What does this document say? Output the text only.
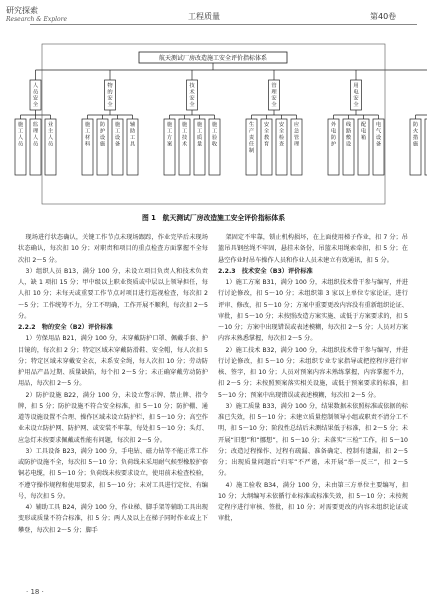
研究探索
Research & Explore	工程质量	第40卷
航天测试厂房改造施工安全评价指标体系
人
员
安
全
施
工
人
员
监
理
人
员
业
主
人
员
物
的
安
全
施
工
材
料
防
护
设
施
施
工
设
备
辅
助
工
具
技
术
安
全
施
工
方
案
施
工
技
术
施
工
质
量
施
工
验
收
管
理
安
全
生
产
责
任
制
安
全
教
育
安
全
检
查
应
急
管
理
用
电
安
全
外
电
防
护
线
路
敷
设
配
电
箱
电
气
设
备
防
火
措
施
图 1　航天测试厂房改造施工安全评价指标体系

现场进行状态确认，关键工作节点未现场跟踪，作业完毕后未现场状态确认，每次扣 10 分；对职责和项目的重点检查方面掌握不全每次扣 2～5 分。

3）组织人员 B13，满分 100 分，未设立项目负责人和技术负责人，缺 1 项扣 15 分；甲中级以上职业资质或中层以上领导担任，每人扣 10 分；未每天或重要工作节点对项目进行巡视检查，每次扣 2～5 分；工作统筹不力，分工不明确，工作开展不顺利，每次扣 2～5 分。

2.2.2　物的安全（B2）评价标准

1）劳保用品 B21，满分 100 分，未穿戴防护口罩、佩戴手套、护目镜的，每次扣 2 分；特定区域未穿戴防滑鞋、安全帽，每人次扣 5 分；特定区域未穿戴安全衣，未系安全绳，每人次扣 10 分；劳动防护用品产品过期、质量缺陷，每个扣 2～5 分；未正确穿戴劳动防护用品，每次扣 2～5 分。

2）防护设施 B22，满分 100 分，未设立警示牌、禁止牌、指令牌，扣 5 分；防护设施不符合安全标准，扣 5～10 分；防护棚、通道等设施设置不合理、操作区域未设立防护栏，扣 5～10 分；高空作业未设立防护网、防护网、或安装不牢靠，每处扣 5～10 分；头灯、应急灯未按要求佩戴或性能有问题，每次扣 2～5 分。

3）工具设备 B23，满分 100 分，手电钻、磁力钻等不能正常工作或防护设施不全，每次扣 5～10 分；负荷线未采用耐气候型橡胶护套铜芯电缆，扣 5～10 分；负荷线未按要求设立，使用前未检查校验，不遵守操作规程和使用要求，扣 5～10 分；未对工具进行定位、有编号，每次扣 5 分。

4）辅助工具 B24，满分 100 分，作业梯、脚手架等辅助工具出现变形或质量不符合标准，扣 5 分；两人及以上在梯子同时作业或上下攀登，每次扣 2～5 分；脚手

架固定不牢靠，锁止机构损坏，在上面使用梯子作业，扣 7 分；吊篮吊具钢丝绳不牢固，悬挂未备份，吊篮未用绳索牵扣，扣 5 分；在悬空作业时吊车操作人员和作业人员未建立有效通讯，扣 5 分。

2.2.3　技术安全（B3）评价标准

1）施工方案 B31，满分 100 分，未组织技术骨干参与编写，并进行讨论修改，扣 5～10 分；未组织第 3 家以上单位专家论证，进行评审、修改，扣 5～10 分；方案中重要更改内容没有重新组织论证、审批，扣 5～10 分；未按照改造方案实施、或低于方案要求的，扣 5～10 分；方案中出现错误或表述模糊，每次扣 2～5 分；人员对方案内容未熟悉掌握，每次扣 2～5 分。

2）施工技术 B32，满分 100 分，未组织技术骨干参与编写，并进行讨论修改，扣 5～10 分；未组织专业专家指导或把控程序进行审核、签字，扣 10 分；人员对预案内容未熟练掌握，内容掌握不力，扣 2～5 分；未按照预案落实相关设施，或低于预案要求的标准，扣 5～10 分；预案中出现错误或表述模糊，每次扣 2～5 分。

3）施工质量 B33，满分 100 分，结果数据未依照标准或依据的标准已失效，扣 5～10 分；未建立质量控制领导小组或职责不清分工不明，扣 5～10 分；阶段性总结后未测结果低于标准，扣 2～5 分；未开展“旧想”和“挪想”，扣 5～10 分；未落实“三检”工作，扣 5～10 分；改造过程操作、过程有疏漏、准备确定、控制有遗漏，扣 2～5 分；出现质量问题后“归零”不严谨，未开展“举一反三”，扣 2～5 分。

4）施工验收 B34，满分 100 分，未由第三方单位主要编写，扣 10 分；大纲编写未依循行业标准或标准失效，扣 5～10 分；未按规定程序进行审核、签批，扣 10 分；对需要更改的内容未组织论证或审批，

· 18 ·
